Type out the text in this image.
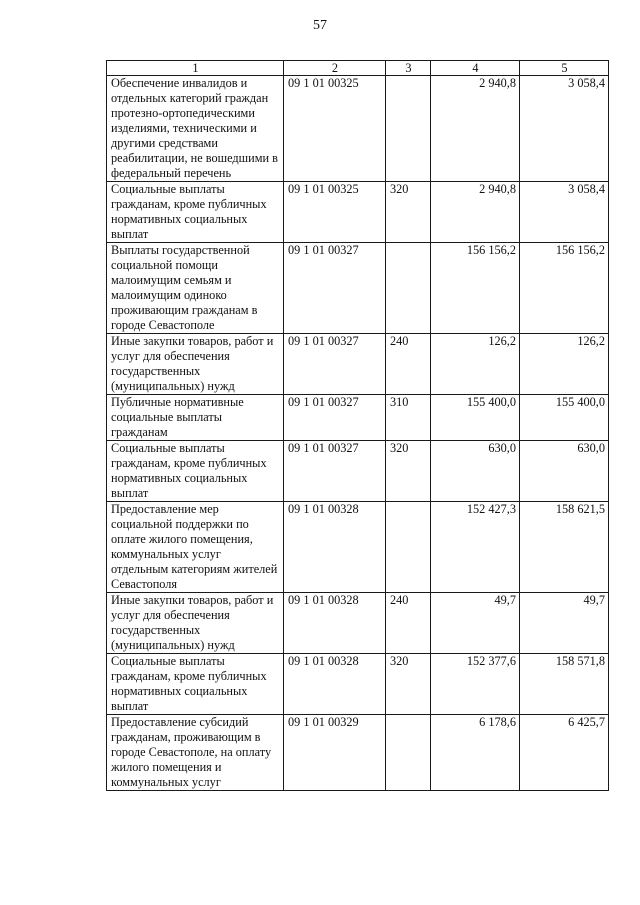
57
1	2	3	4	5
Обеспечение инвалидов и отдельных категорий граждан протезно-ортопедическими изделиями, техническими и другими средствами реабилитации, не вошедшими в федеральный перечень	09 1 01 00325		2 940,8	3 058,4
Социальные выплаты гражданам, кроме публичных нормативных социальных выплат	09 1 01 00325	320	2 940,8	3 058,4
Выплаты государственной социальной помощи малоимущим семьям и малоимущим одиноко проживающим гражданам в городе Севастополе	09 1 01 00327		156 156,2	156 156,2
Иные закупки товаров, работ и услуг для обеспечения государственных (муниципальных) нужд	09 1 01 00327	240	126,2	126,2
Публичные нормативные социальные выплаты гражданам	09 1 01 00327	310	155 400,0	155 400,0
Социальные выплаты гражданам, кроме публичных нормативных социальных выплат	09 1 01 00327	320	630,0	630,0
Предоставление мер социальной поддержки по оплате жилого помещения, коммунальных услуг отдельным категориям жителей Севастополя	09 1 01 00328		152 427,3	158 621,5
Иные закупки товаров, работ и услуг для обеспечения государственных (муниципальных) нужд	09 1 01 00328	240	49,7	49,7
Социальные выплаты гражданам, кроме публичных нормативных социальных выплат	09 1 01 00328	320	152 377,6	158 571,8
Предоставление субсидий гражданам, проживающим в городе Севастополе, на оплату жилого помещения и коммунальных услуг	09 1 01 00329		6 178,6	6 425,7
